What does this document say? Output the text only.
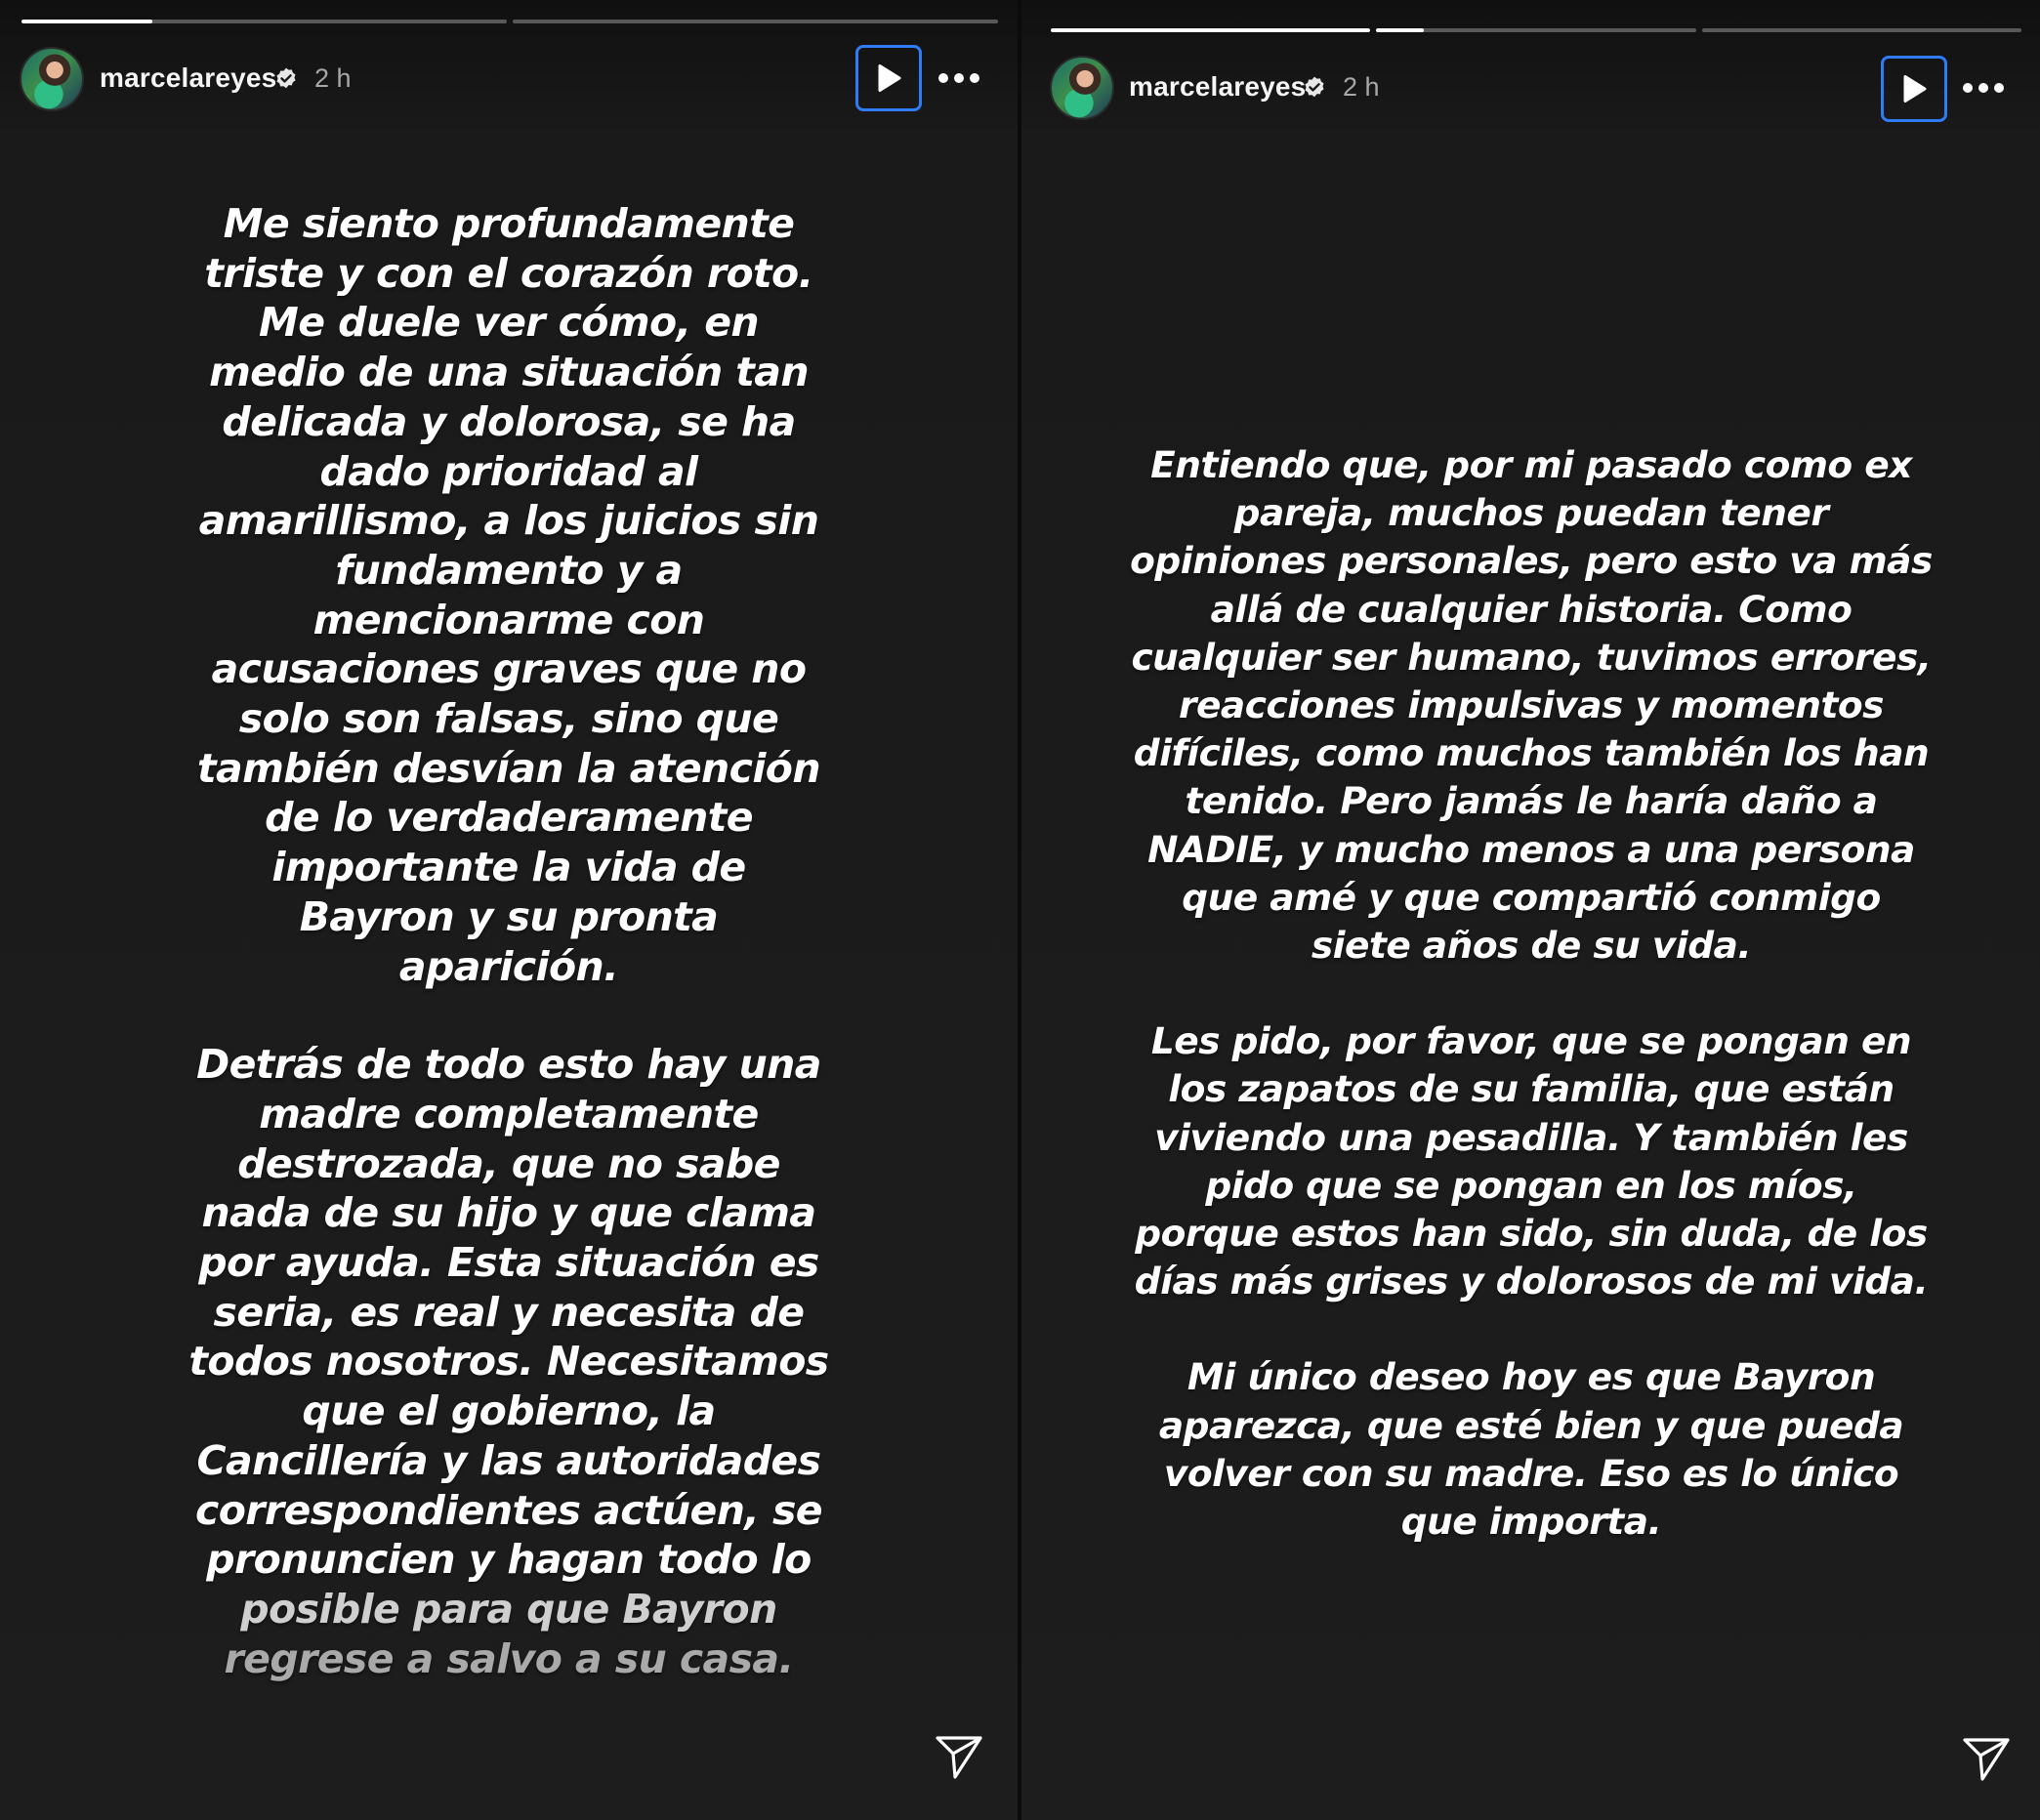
marcelareyes 2 h

Me siento profundamente
triste y con el corazón roto.
Me duele ver cómo, en
medio de una situación tan
delicada y dolorosa, se ha
dado prioridad al
amarillismo, a los juicios sin
fundamento y a
mencionarme con
acusaciones graves que no
solo son falsas, sino que
también desvían la atención
de lo verdaderamente
importante la vida de
Bayron y su pronta
aparición.

Detrás de todo esto hay una
madre completamente
destrozada, que no sabe
nada de su hijo y que clama
por ayuda. Esta situación es
seria, es real y necesita de
todos nosotros. Necesitamos
que el gobierno, la
Cancillería y las autoridades
correspondientes actúen, se
pronuncien y hagan todo lo
posible para que Bayron
regrese a salvo a su casa.

marcelareyes 2 h

Entiendo que, por mi pasado como ex
pareja, muchos puedan tener
opiniones personales, pero esto va más
allá de cualquier historia. Como
cualquier ser humano, tuvimos errores,
reacciones impulsivas y momentos
difíciles, como muchos también los han
tenido. Pero jamás le haría daño a
NADIE, y mucho menos a una persona
que amé y que compartió conmigo
siete años de su vida.

Les pido, por favor, que se pongan en
los zapatos de su familia, que están
viviendo una pesadilla. Y también les
pido que se pongan en los míos,
porque estos han sido, sin duda, de los
días más grises y dolorosos de mi vida.

Mi único deseo hoy es que Bayron
aparezca, que esté bien y que pueda
volver con su madre. Eso es lo único
que importa.
